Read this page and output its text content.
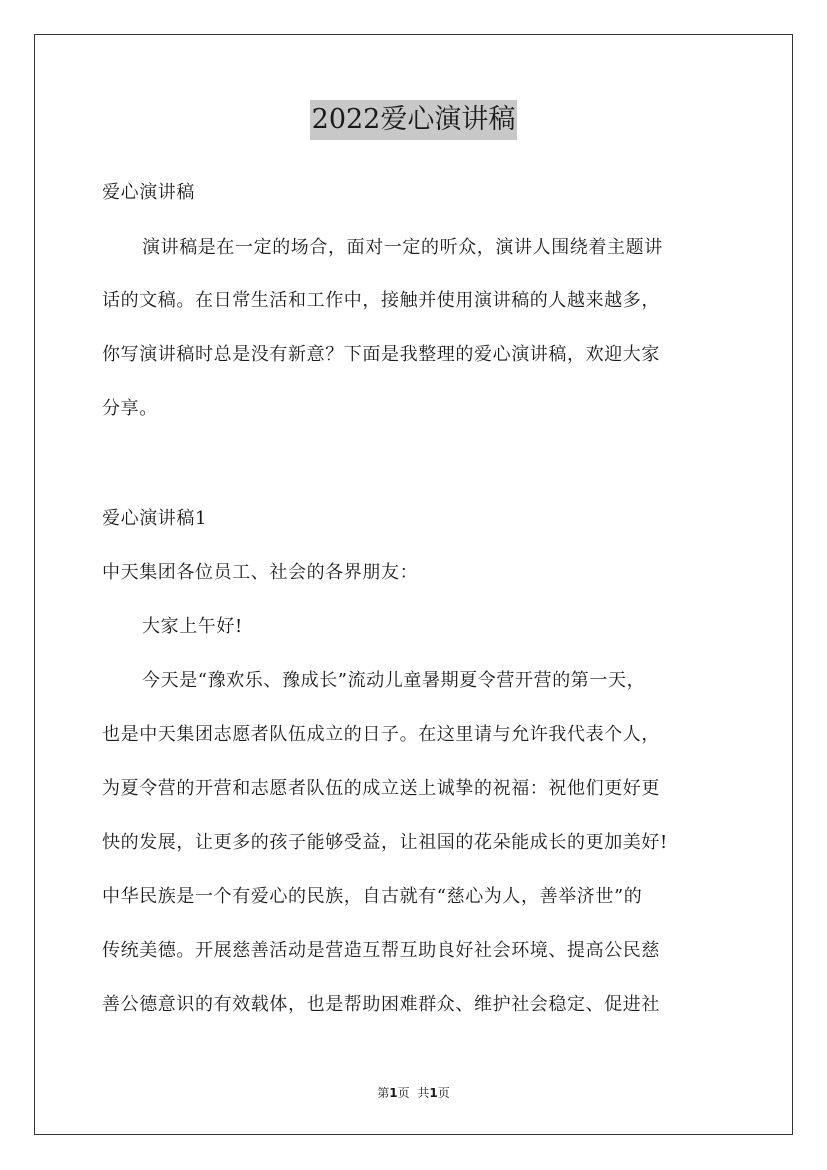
2022爱心演讲稿
爱心演讲稿
演讲稿是在一定的场合，面对一定的听众，演讲人围绕着主题讲
话的文稿。在日常生活和工作中，接触并使用演讲稿的人越来越多，
你写演讲稿时总是没有新意？下面是我整理的爱心演讲稿，欢迎大家
分享。
爱心演讲稿1
中天集团各位员工、社会的各界朋友：
大家上午好!
今天是“豫欢乐、豫成长”流动儿童暑期夏令营开营的第一天，
也是中天集团志愿者队伍成立的日子。在这里请与允许我代表个人，
为夏令营的开营和志愿者队伍的成立送上诚挚的祝福：祝他们更好更
快的发展，让更多的孩子能够受益，让祖国的花朵能成长的更加美好!
中华民族是一个有爱心的民族，自古就有“慈心为人，善举济世”的
传统美德。开展慈善活动是营造互帮互助良好社会环境、提高公民慈
善公德意识的有效载体，也是帮助困难群众、维护社会稳定、促进社
第1页 共1页
